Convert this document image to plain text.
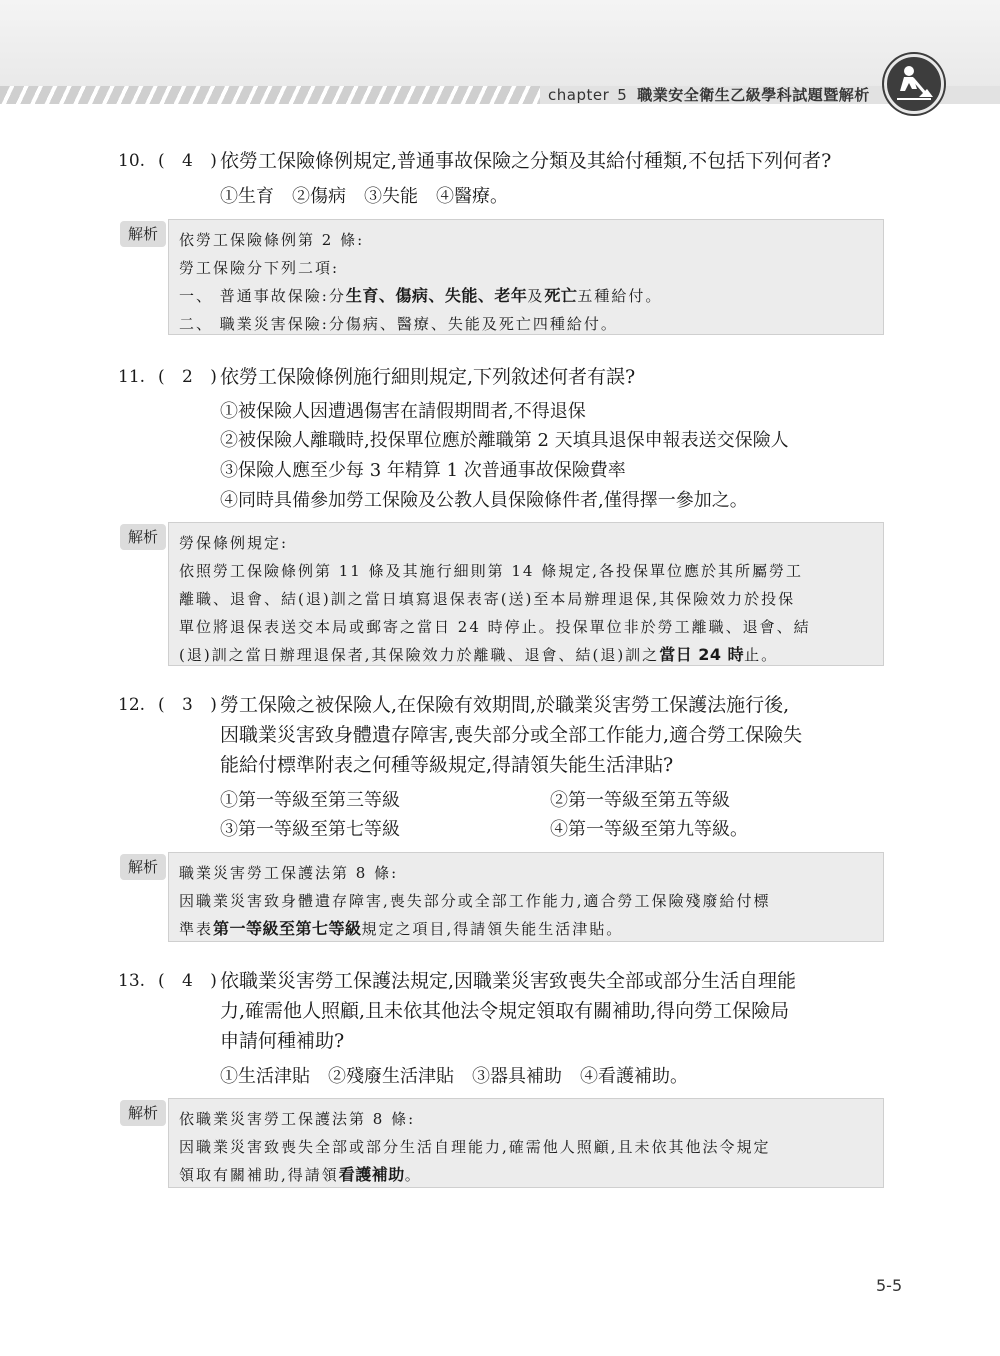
chapter 5 職業安全衛生乙級學科試題暨解析
10. ( 4 )
依勞工保險條例規定,普通事故保險之分類及其給付種類,不包括下列何者?
①生育　②傷病　③失能　④醫療。
解析	依勞工保險條例第 2 條:
勞工保險分下列二項:
一、 普通事故保險:分生育、傷病、失能、老年及死亡五種給付。
二、 職業災害保險:分傷病、醫療、失能及死亡四種給付。
11. ( 2 )
依勞工保險條例施行細則規定,下列敘述何者有誤?
①被保險人因遭遇傷害在請假期間者,不得退保
②被保險人離職時,投保單位應於離職第 2 天填具退保申報表送交保險人
③保險人應至少每 3 年精算 1 次普通事故保險費率
④同時具備參加勞工保險及公教人員保險條件者,僅得擇一參加之。
解析	勞保條例規定:
依照勞工保險條例第 11 條及其施行細則第 14 條規定,各投保單位應於其所屬勞工
離職、退會、結(退)訓之當日填寫退保表寄(送)至本局辦理退保,其保險效力於投保
單位將退保表送交本局或郵寄之當日 24 時停止。投保單位非於勞工離職、退會、結
(退)訓之當日辦理退保者,其保險效力於離職、退會、結(退)訓之當日 24 時止。
12. ( 3 )
勞工保險之被保險人,在保險有效期間,於職業災害勞工保護法施行後,
因職業災害致身體遺存障害,喪失部分或全部工作能力,適合勞工保險失
能給付標準附表之何種等級規定,得請領失能生活津貼?
①第一等級至第三等級	②第一等級至第五等級
③第一等級至第七等級	④第一等級至第九等級。
解析	職業災害勞工保護法第 8 條:
因職業災害致身體遺存障害,喪失部分或全部工作能力,適合勞工保險殘廢給付標
準表第一等級至第七等級規定之項目,得請領失能生活津貼。
13. ( 4 )
依職業災害勞工保護法規定,因職業災害致喪失全部或部分生活自理能
力,確需他人照顧,且未依其他法令規定領取有關補助,得向勞工保險局
申請何種補助?
①生活津貼　②殘廢生活津貼　③器具補助　④看護補助。
解析	依職業災害勞工保護法第 8 條:
因職業災害致喪失全部或部分生活自理能力,確需他人照顧,且未依其他法令規定
領取有關補助,得請領看護補助。
5-5
